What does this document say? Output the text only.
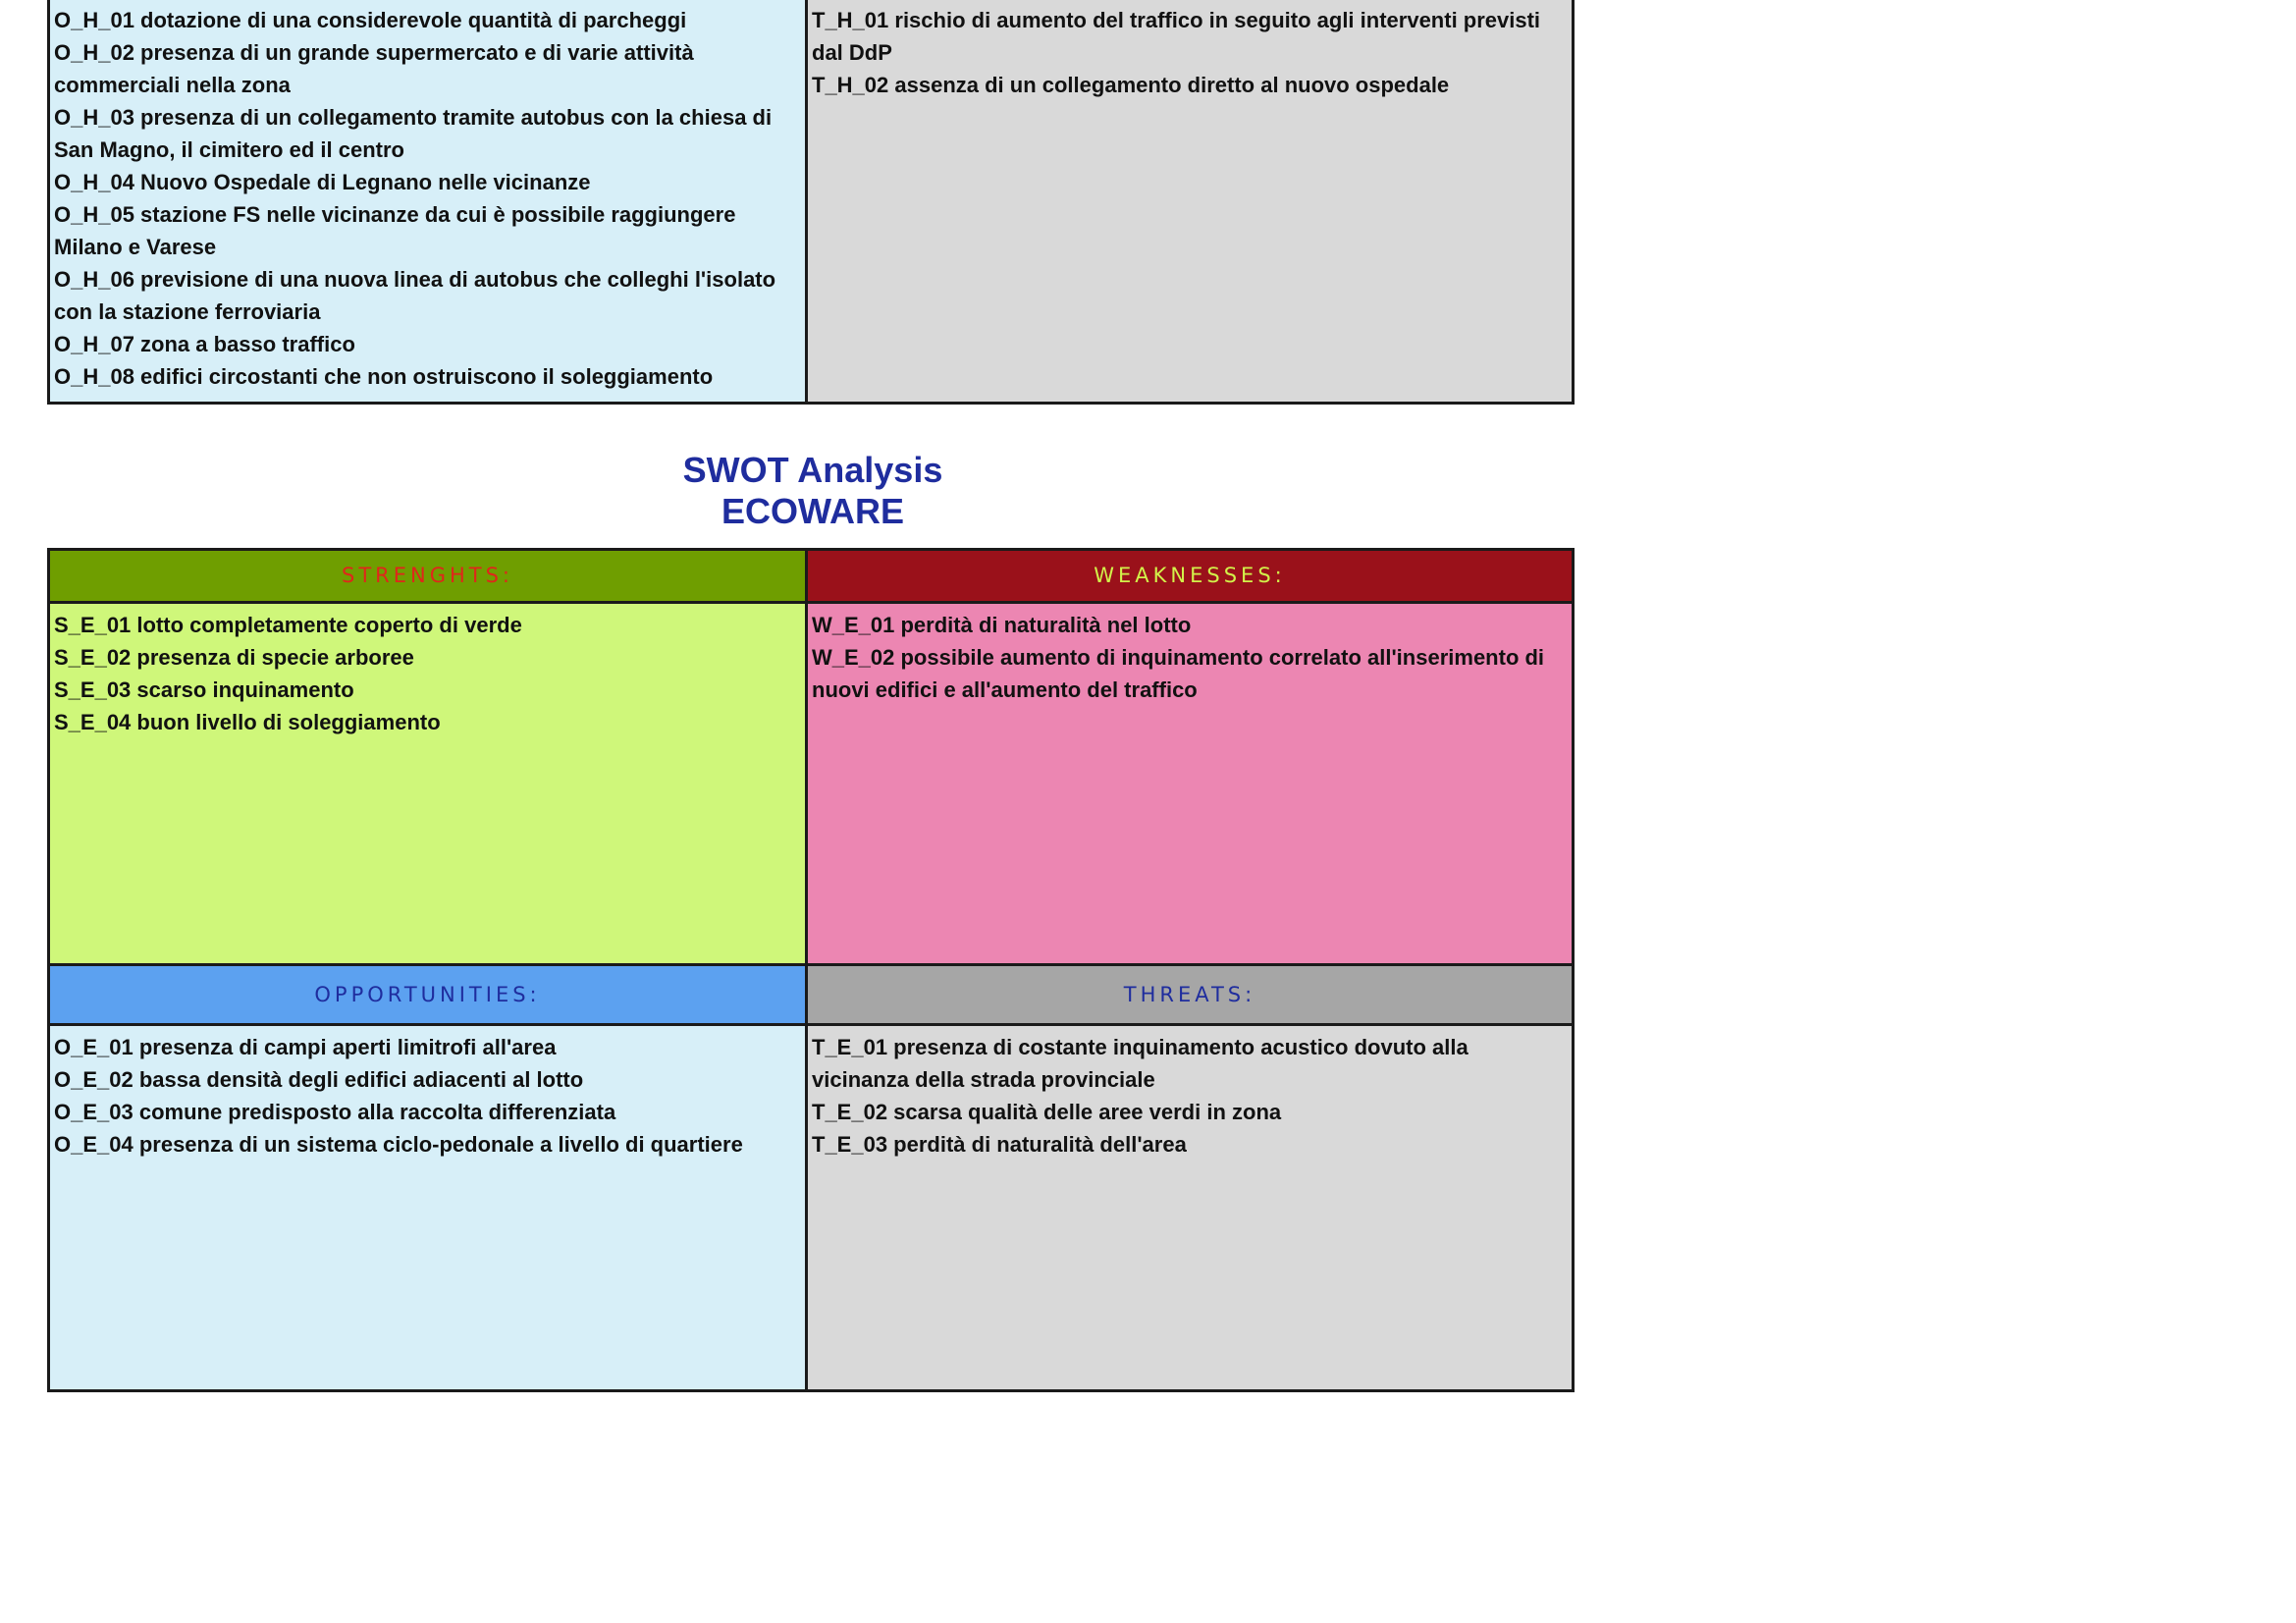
O_H_01 dotazione di una considerevole quantità di parcheggi

O_H_02 presenza di un grande supermercato e di varie attività commerciali nella zona

O_H_03 presenza di un collegamento tramite autobus con la chiesa di San Magno, il cimitero ed il centro

O_H_04 Nuovo Ospedale di Legnano nelle vicinanze

O_H_05 stazione FS nelle vicinanze da cui è possibile raggiungere Milano e Varese

O_H_06 previsione di una nuova linea di autobus che colleghi l'isolato con la stazione ferroviaria

O_H_07 zona a basso traffico

O_H_08 edifici circostanti che non ostruiscono il soleggiamento

T_H_01 rischio di aumento del traffico in seguito agli interventi previsti dal DdP

T_H_02 assenza di un collegamento diretto al nuovo ospedale

SWOT Analysis ECOWARE
STRENGHTS:	WEAKNESSES:

S_E_01 lotto completamente coperto di verde

S_E_02 presenza di specie arboree

S_E_03 scarso inquinamento

S_E_04 buon livello di soleggiamento

W_E_01 perdità di naturalità nel lotto

W_E_02 possibile aumento di inquinamento correlato all'inserimento di nuovi edifici e all'aumento del traffico

OPPORTUNITIES:	THREATS:

O_E_01 presenza di campi aperti limitrofi all'area

O_E_02 bassa densità degli edifici adiacenti al lotto

O_E_03 comune predisposto alla raccolta differenziata

O_E_04 presenza di un sistema ciclo-pedonale a livello di quartiere

T_E_01 presenza di costante inquinamento acustico dovuto alla vicinanza della strada provinciale

T_E_02 scarsa qualità delle aree verdi in zona

T_E_03 perdità di naturalità dell'area
